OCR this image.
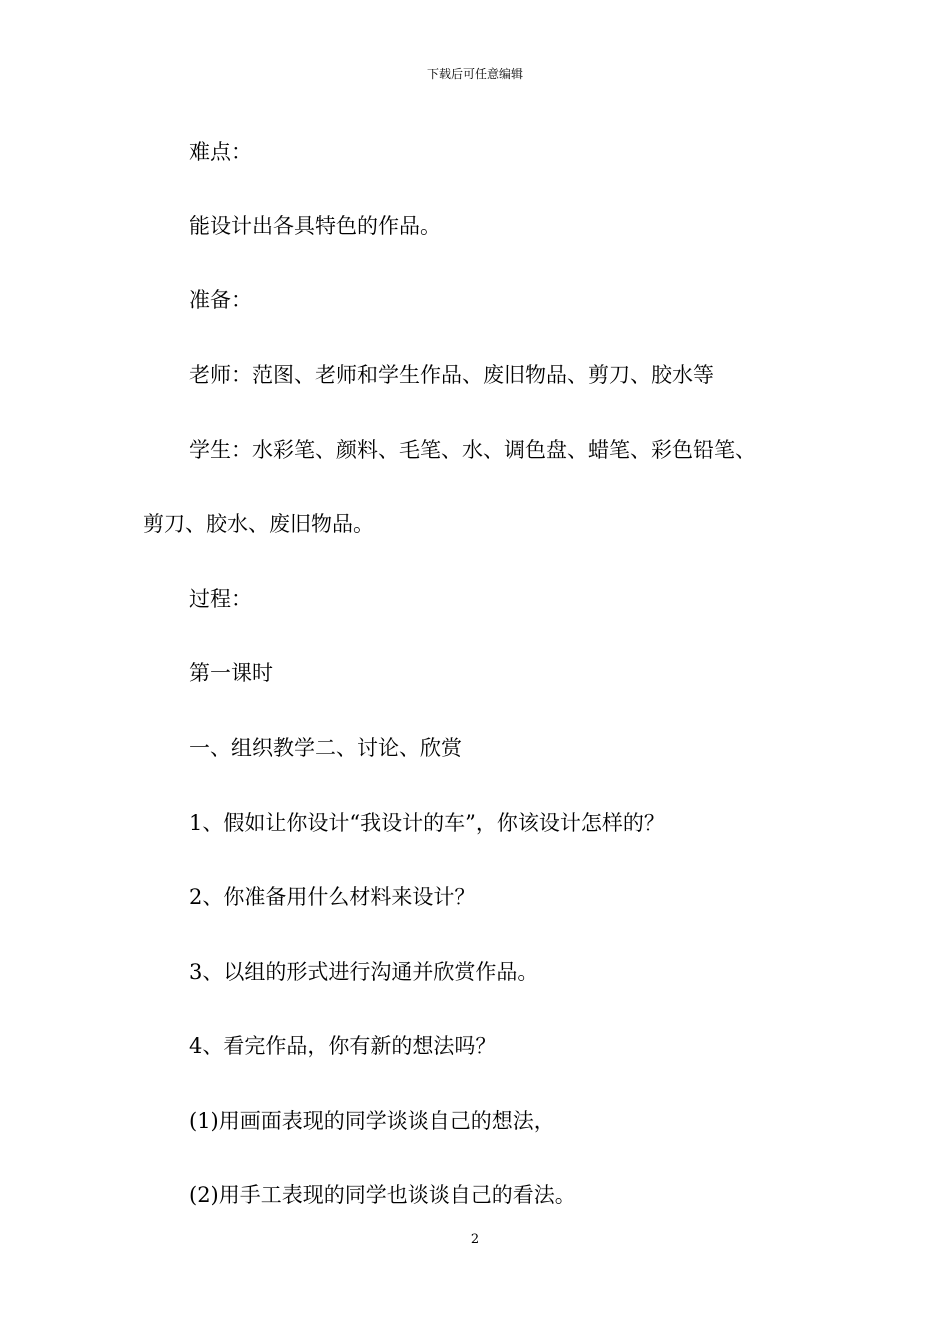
下载后可任意编辑
难点：
能设计出各具特色的作品。
准备：
老师：范图、老师和学生作品、废旧物品、剪刀、胶水等
学生：水彩笔、颜料、毛笔、水、调色盘、蜡笔、彩色铅笔、
剪刀、胶水、废旧物品。
过程：
第一课时
一、组织教学二、讨论、欣赏
1、假如让你设计“我设计的车”，你该设计怎样的？
2、你准备用什么材料来设计？
3、以组的形式进行沟通并欣赏作品。
4、看完作品，你有新的想法吗？
(1)用画面表现的同学谈谈自己的想法，
(2)用手工表现的同学也谈谈自己的看法。
2
